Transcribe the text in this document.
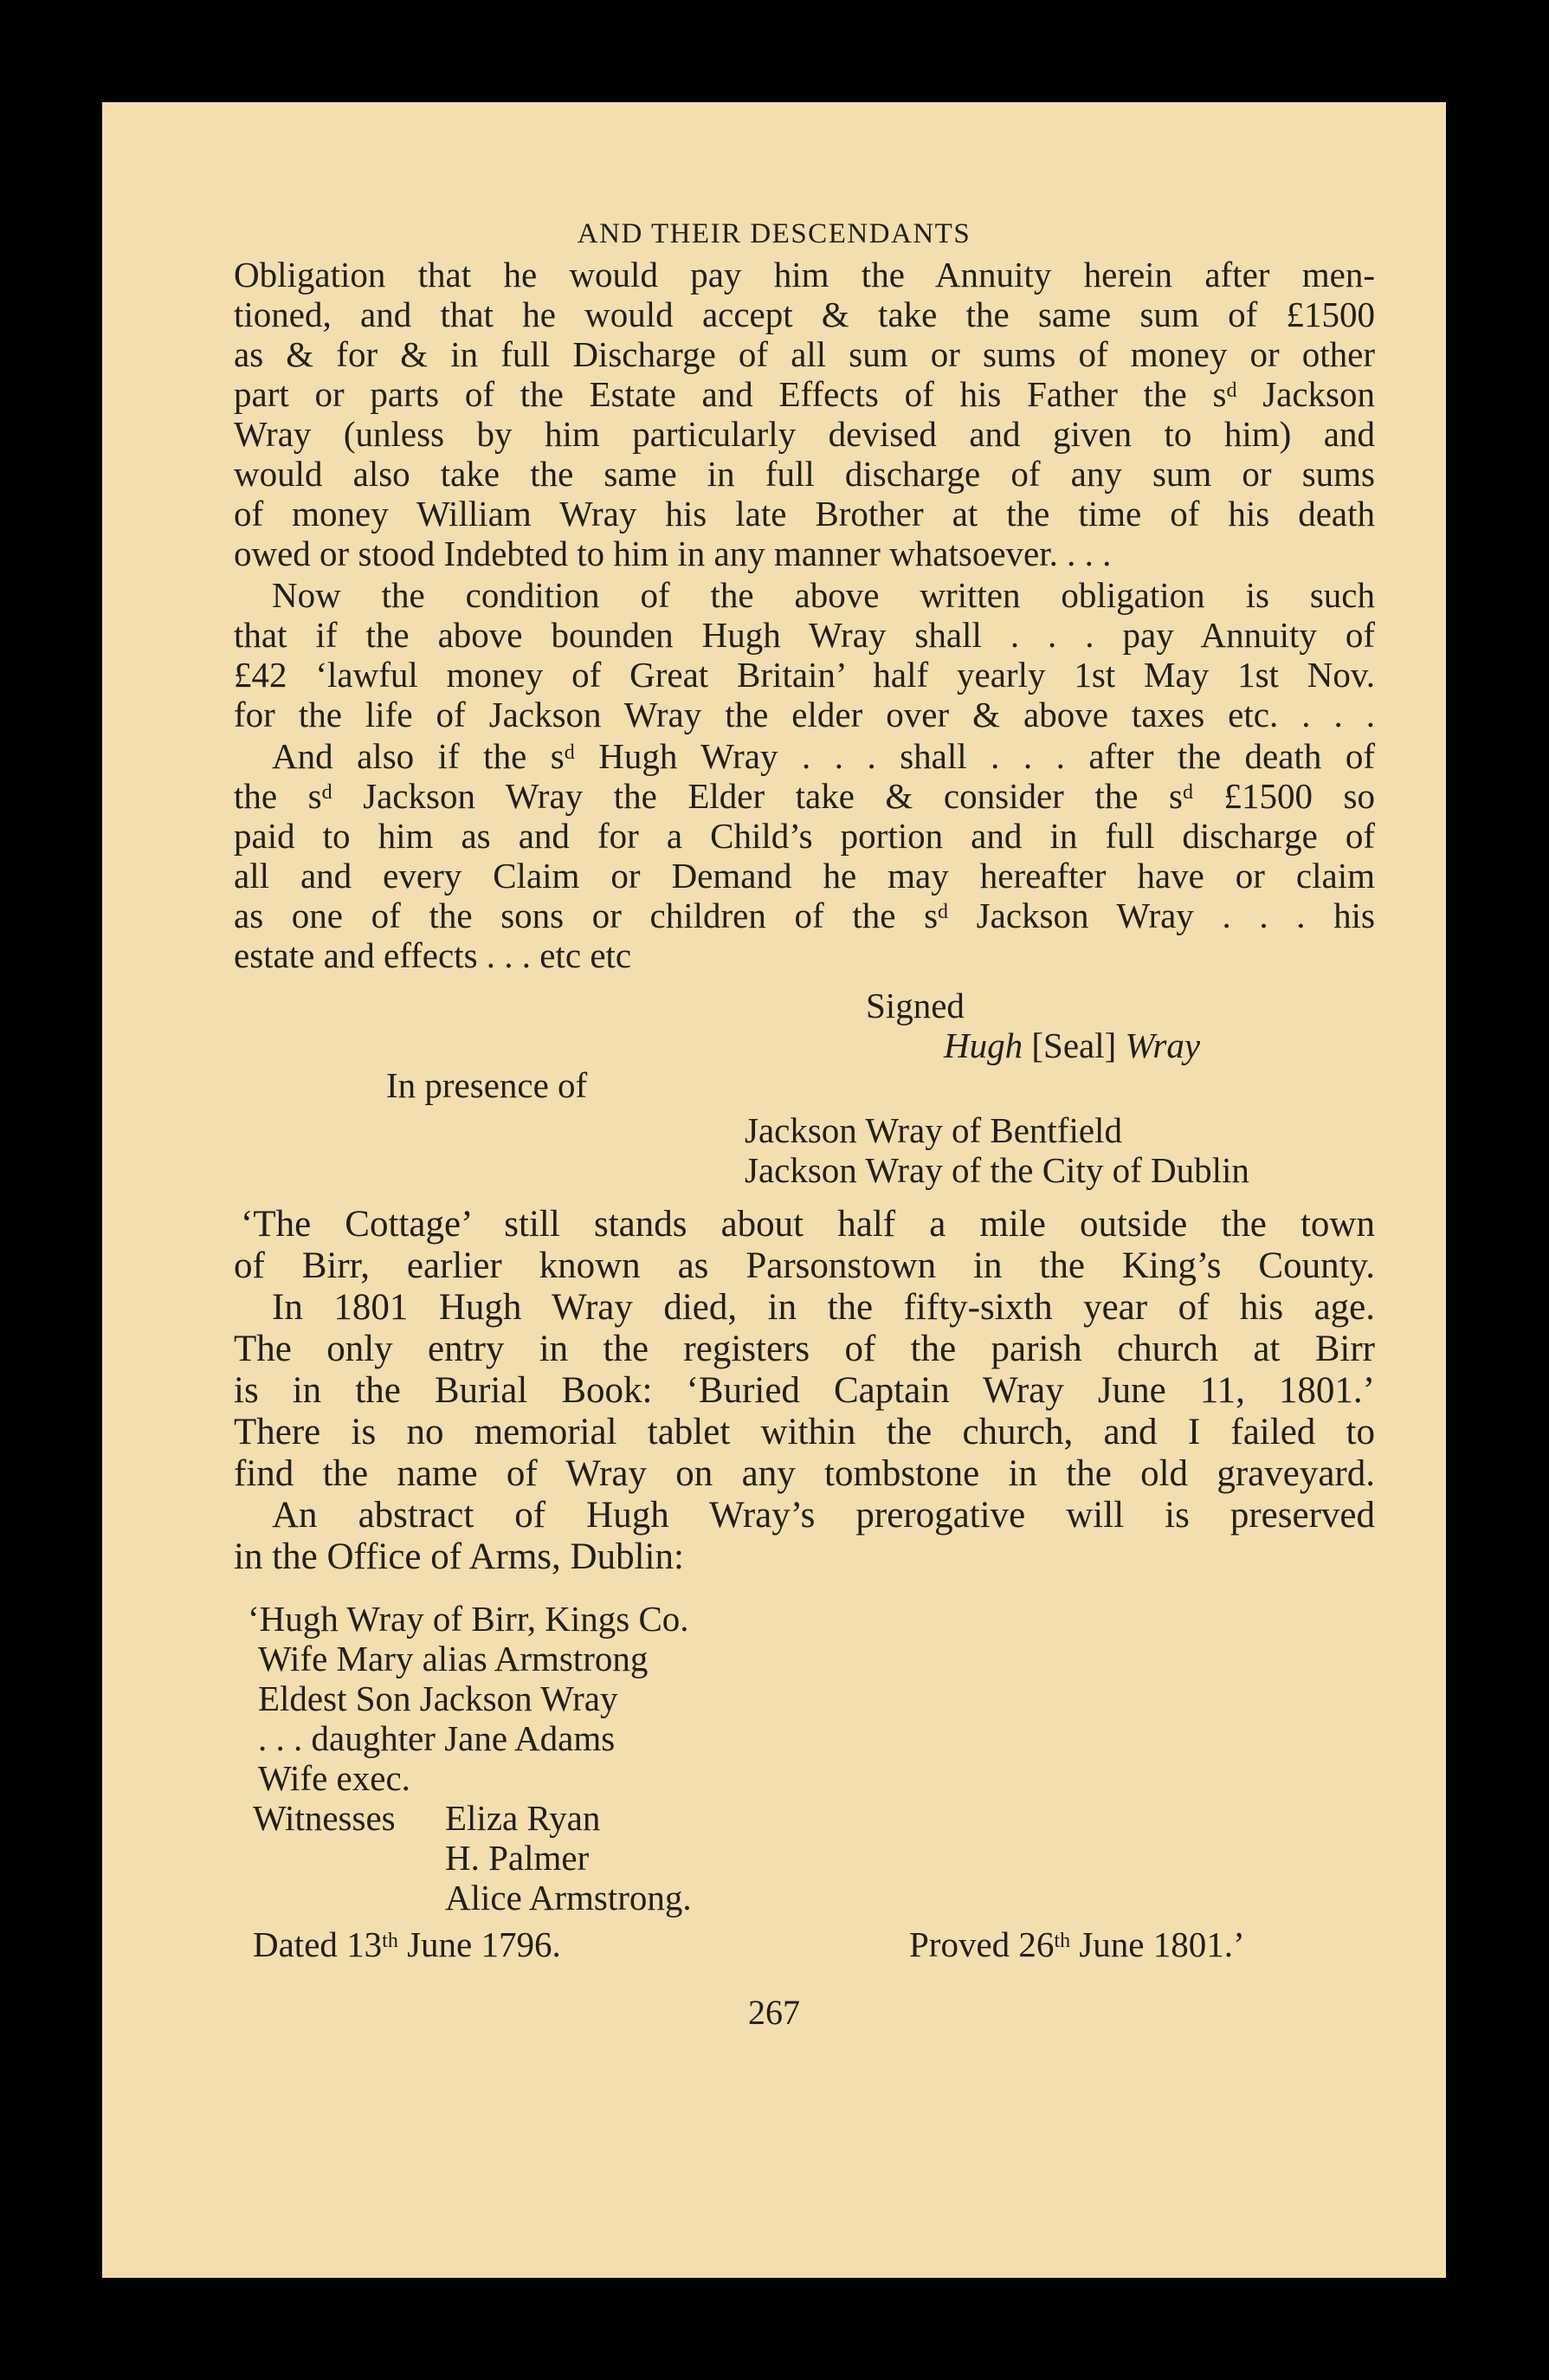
AND THEIR DESCENDANTS
Obligation that he would pay him the Annuity herein after men-
tioned, and that he would accept & take the same sum of £1500
as & for & in full Discharge of all sum or sums of money or other
part or parts of the Estate and Effects of his Father the $s^d$ Jackson
Wray (unless by him particularly devised and given to him) and
would also take the same in full discharge of any sum or sums
of money William Wray his late Brother at the time of his death
owed or stood Indebted to him in any manner whatsoever. . . .
Now the condition of the above written obligation is such
that if the above bounden Hugh Wray shall . . . pay Annuity of
£42 ‘lawful money of Great Britain’ half yearly 1st May 1st Nov.
for the life of Jackson Wray the elder over & above taxes etc. . . .
And also if the $s^d$ Hugh Wray . . . shall . . . after the death of
the $s^d$ Jackson Wray the Elder take & consider the $s^d$ £1500 so
paid to him as and for a Child’s portion and in full discharge of
all and every Claim or Demand he may hereafter have or claim
as one of the sons or children of the $s^d$ Jackson Wray . . . his
estate and effects . . . etc etc
Signed
Hugh [Seal] Wray
In presence of
Jackson Wray of Bentfield
Jackson Wray of the City of Dublin
‘The Cottage’ still stands about half a mile outside the town
of Birr, earlier known as Parsonstown in the King’s County.
In 1801 Hugh Wray died, in the fifty-sixth year of his age.
The only entry in the registers of the parish church at Birr
is in the Burial Book: ‘Buried Captain Wray June 11, 1801.’
There is no memorial tablet within the church, and I failed to
find the name of Wray on any tombstone in the old graveyard.
An abstract of Hugh Wray’s prerogative will is preserved
in the Office of Arms, Dublin:
‘Hugh Wray of Birr, Kings Co.
Wife Mary alias Armstrong
Eldest Son Jackson Wray
. . . daughter Jane Adams
Wife exec.
Witnesses Eliza Ryan
H. Palmer
Alice Armstrong.
Dated 13th June 1796.	Proved 26th June 1801.’
267
